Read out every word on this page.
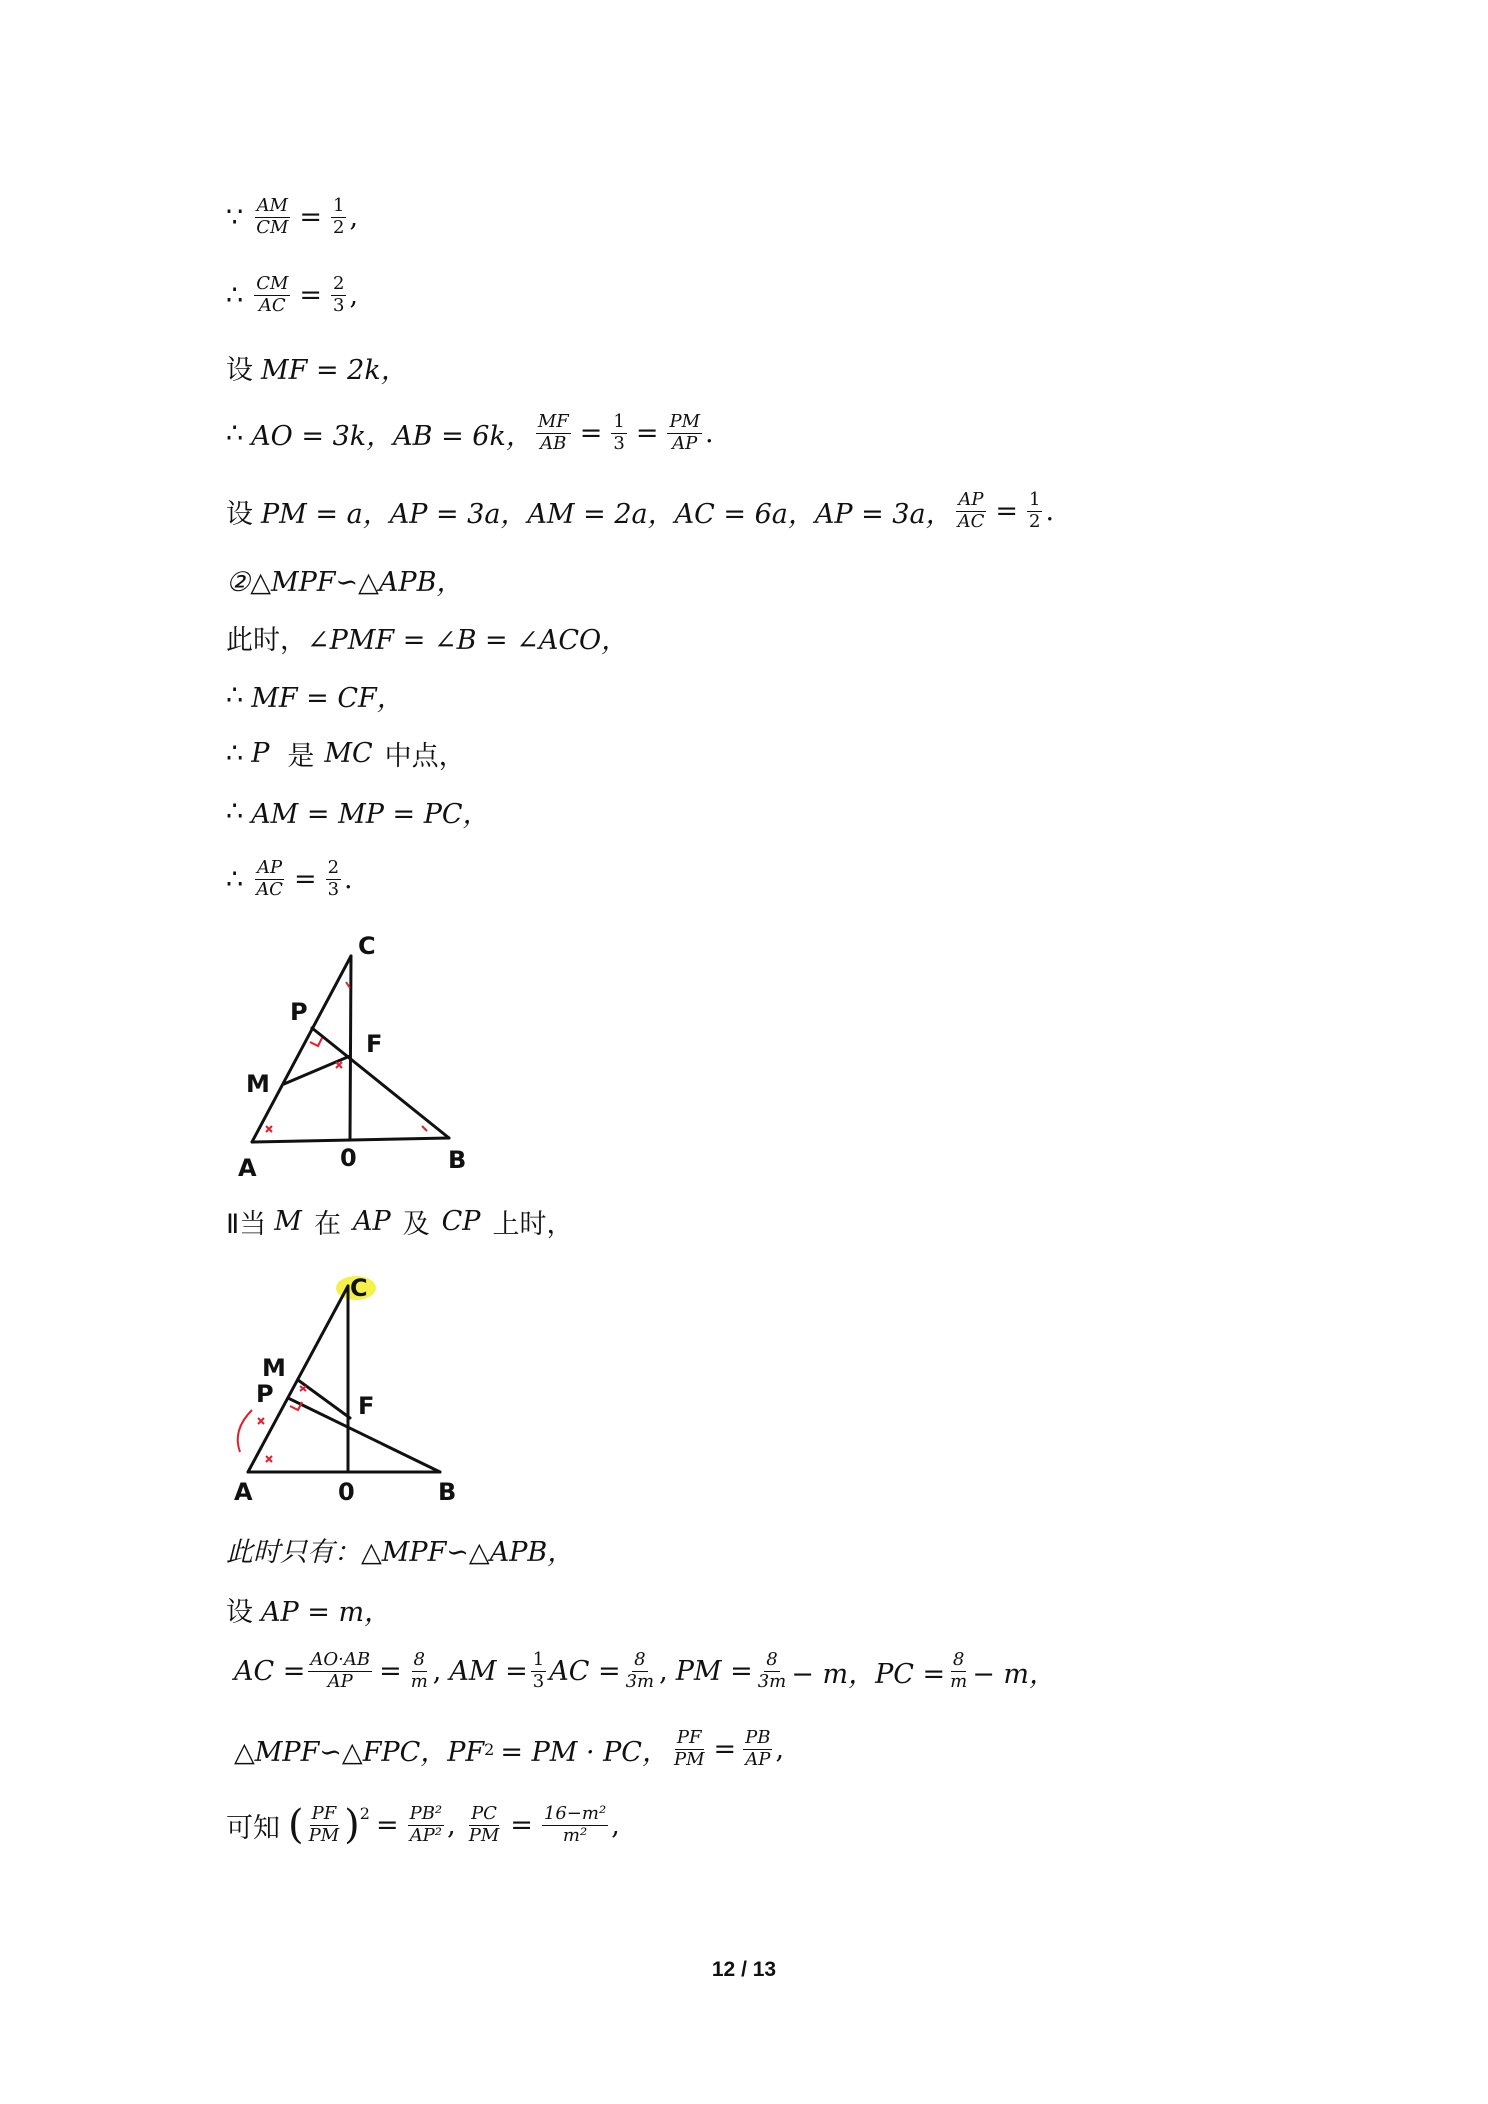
∵ $\frac{AM}{CM} = \frac{1}{2}$ ,
∴ $\frac{CM}{AC} = \frac{2}{3}$ ,
设 MF = 2k，
∴ AO = 3k，AB = 6k， $\frac{MF}{AB} = \frac{1}{3} = \frac{PM}{AP}$ .
设 PM = a，AP = 3a，AM = 2a，AC = 6a，AP = 3a， $\frac{AP}{AC} = \frac{1}{2}$ .
②△MPF∽△APB，
此时， ∠PMF = ∠B = ∠ACO，
∴ MF = CF，
∴ P 是 MC 中点，
∴ AM = MP = PC，
∴ $\frac{AP}{AC} = \frac{2}{3}$ .
C
P
F
M
A	0	B
Ⅱ当 M 在 AP 及 CP 上时，
C
M
P	F
A	0	B
此时只有：△MPF∽△APB，
设 AP = m，
AC = $\frac{AO\cdot AB}{AP} = \frac{8}{m}$ , AM = $\frac{1}{3}$ AC = $\frac{8}{3m}$ , PM = $\frac{8}{3m} - m$，PC = $\frac{8}{m} - m$，
△MPF∽△FPC，PF 2 = PM · PC， $\frac{PF}{PM} = \frac{PB}{AP}$ ,
可知 ( $\frac{PF}{PM} )^2 = \frac{\text{PB²}}{\text{AP²}}$ , $\frac{PC}{PM} = \frac{\text{16−m²}}{\text{m²}}$ ,
12 / 13
